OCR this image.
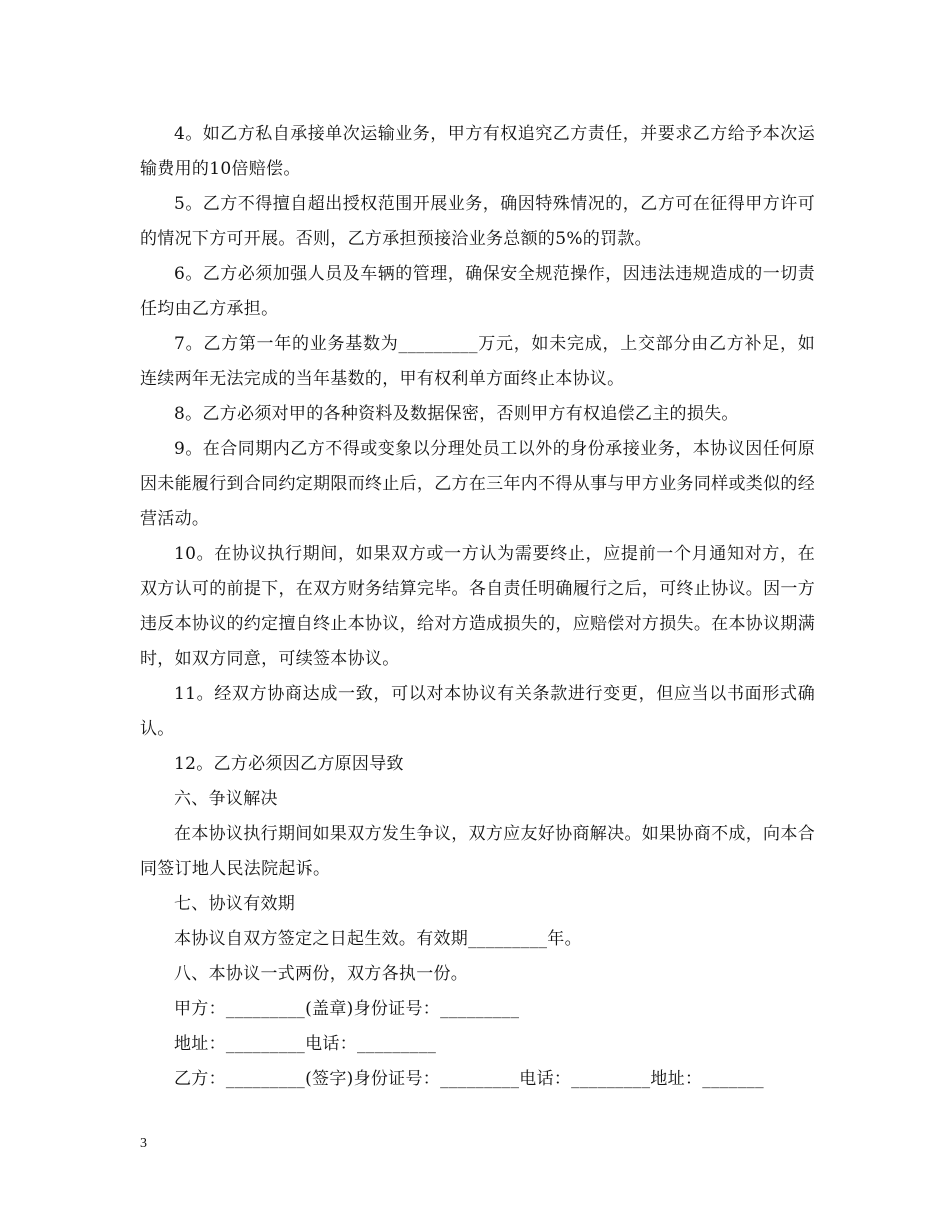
4。如乙方私自承接单次运输业务，甲方有权追究乙方责任，并要求乙方给予本次运输费用的10倍赔偿。

5。乙方不得擅自超出授权范围开展业务，确因特殊情况的，乙方可在征得甲方许可的情况下方可开展。否则，乙方承担预接洽业务总额的5%的罚款。

6。乙方必须加强人员及车辆的管理，确保安全规范操作，因违法违规造成的一切责任均由乙方承担。

7。乙方第一年的业务基数为_________万元，如未完成，上交部分由乙方补足，如连续两年无法完成的当年基数的，甲有权利单方面终止本协议。

8。乙方必须对甲的各种资料及数据保密，否则甲方有权追偿乙主的损失。

9。在合同期内乙方不得或变象以分理处员工以外的身份承接业务，本协议因任何原因未能履行到合同约定期限而终止后，乙方在三年内不得从事与甲方业务同样或类似的经营活动。

10。在协议执行期间，如果双方或一方认为需要终止，应提前一个月通知对方，在双方认可的前提下，在双方财务结算完毕。各自责任明确履行之后，可终止协议。因一方违反本协议的约定擅自终止本协议，给对方造成损失的，应赔偿对方损失。在本协议期满时，如双方同意，可续签本协议。

11。经双方协商达成一致，可以对本协议有关条款进行变更，但应当以书面形式确认。

12。乙方必须因乙方原因导致

六、争议解决

在本协议执行期间如果双方发生争议，双方应友好协商解决。如果协商不成，向本合同签订地人民法院起诉。

七、协议有效期

本协议自双方签定之日起生效。有效期_________年。

八、本协议一式两份，双方各执一份。

甲方：_________(盖章)身份证号：_________

地址：_________电话：_________

乙方：_________(签字)身份证号：_________电话：_________地址：_______

3
